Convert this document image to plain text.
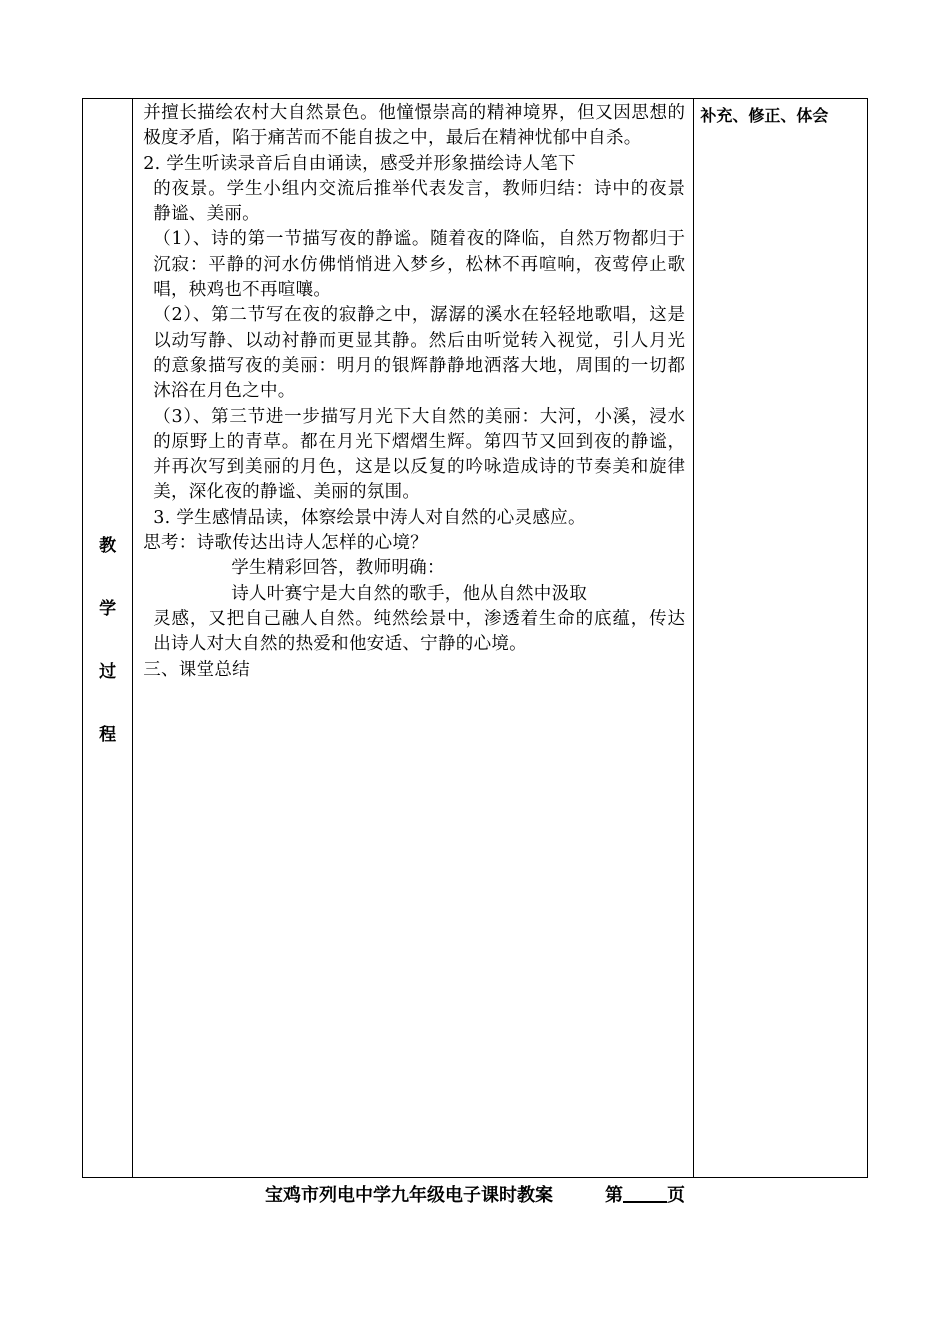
教
学
过
程

并擅长描绘农村大自然景色。他憧憬崇高的精神境界，但又因思想的极度矛盾，陷于痛苦而不能自拔之中，最后在精神忧郁中自杀。

2. 学生听读录音后自由诵读，感受并形象描绘诗人笔下

的夜景。学生小组内交流后推举代表发言，教师归结：诗中的夜景静谧、美丽。

（1）、诗的第一节描写夜的静谧。随着夜的降临，自然万物都归于沉寂：平静的河水仿佛悄悄进入梦乡，松林不再喧响，夜莺停止歌唱，秧鸡也不再喧嚷。

（2）、第二节写在夜的寂静之中，潺潺的溪水在轻轻地歌唱，这是以动写静、以动衬静而更显其静。然后由听觉转入视觉，引人月光的意象描写夜的美丽：明月的银辉静静地洒落大地，周围的一切都沐浴在月色之中。

（3）、第三节进一步描写月光下大自然的美丽：大河，小溪，浸水的原野上的青草。都在月光下熠熠生辉。第四节又回到夜的静谧，并再次写到美丽的月色，这是以反复的吟咏造成诗的节奏美和旋律美，深化夜的静谧、美丽的氛围。

3. 学生感情品读，体察绘景中涛人对自然的心灵感应。

思考：诗歌传达出诗人怎样的心境？

学生精彩回答，教师明确：

诗人叶赛宁是大自然的歌手，他从自然中汲取

灵感，又把自己融人自然。纯然绘景中，渗透着生命的底蕴，传达出诗人对大自然的热爱和他安适、宁静的心境。

三、课堂总结

	补充、修正、体会
宝鸡市列电中学九年级电子课时教案	第 页
